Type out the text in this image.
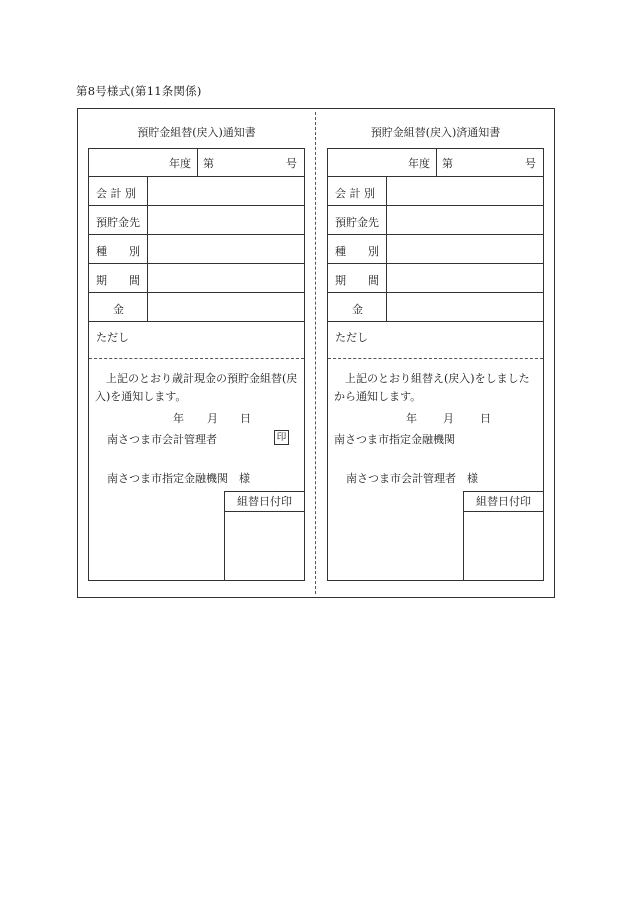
第8号様式(第11条関係)
預貯金組替(戻入)通知書
年度 第	号
会 計 別
預貯金先
種　　別
期　　間
金
ただし

上記のとおり歳計現金の預貯金組替(戻入)を通知します。

年 月 日
南さつま市会計管理者	印
南さつま市指定金融機関　様
組替日付印
預貯金組替(戻入)済通知書
年度 第	号
会 計 別
預貯金先
種　　別
期　　間
金
ただし

上記のとおり組替え(戻入)をしましたから通知します。

年 月 日
南さつま市指定金融機関
南さつま市会計管理者　様
組替日付印
